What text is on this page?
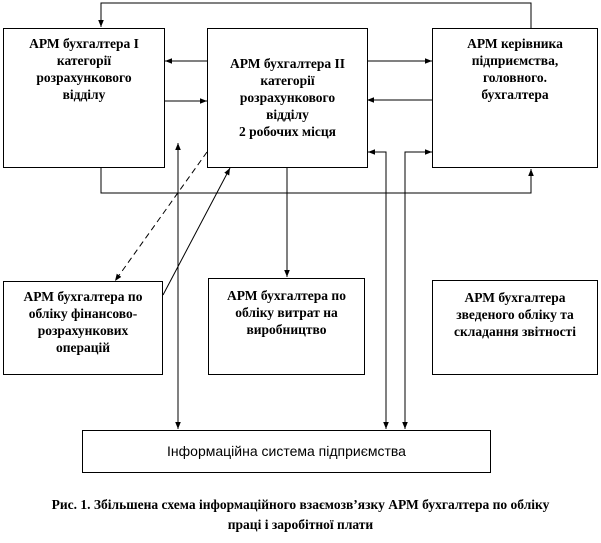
АРМ бухгалтера І
категорії
розрахункового
відділу
АРМ бухгалтера ІІ
категорії
розрахункового
відділу
2 робочих місця
АРМ керівника
підприємства,
головного.
бухгалтера
АРМ бухгалтера по
обліку фінансово-
розрахункових
операцій
АРМ бухгалтера по
обліку витрат на
виробництво
АРМ бухгалтера
зведеного обліку та
складання звітності
Інформаційна система підприємства
Рис. 1. Збільшена схема інформаційного взаємозв’язку АРМ бухгалтера по обліку
праці і заробітної плати
